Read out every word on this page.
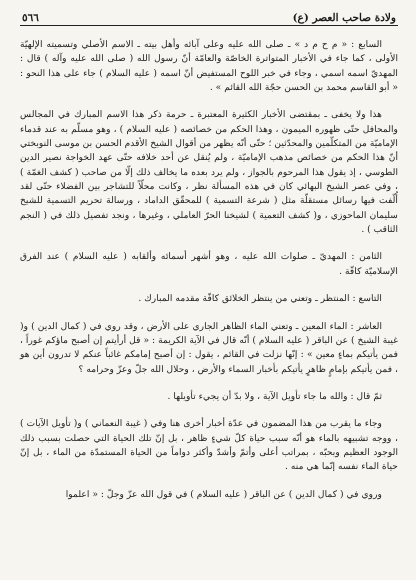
ولادة صاحب العصر (ع)
٥٦٦

السابع : « م ح م د » ـ صلى الله عليه وعلى آبائه وأهل بيته ـ الاسم الأصلي وتسميته الإلهيّة الأولى ، كما جاء في الأخبار المتواترة الخاصّة والعامّة أنّ رسول الله ( صلى الله عليه وآله ) قال : المهديّ اسمه اسمي ، وجاء في خبر اللوح المستفيض أنّ اسمه ( عليه السلام ) جاء على هذا النحو : « أبو القاسم محمد بن الحسن حجّة الله القائم » .

هذا ولا يخفى ـ بمقتضى الأخبار الكثيرة المعتبرة ـ حرمة ذكر هذا الاسم المبارك في المجالس والمحافل حتّى ظهوره الميمون ، وهذا الحكم من خصائصه ( عليه السلام ) ، وهو مسلّم به عند قدماء الإماميّة من المتكلّمين والمحدّثين ؛ حتّى أنّه يظهر من أقوال الشيخ الأقدم الحسن بن موسى النوبختي أنّ هذا الحكم من خصائص مذهب الإماميّة ، ولم يُنقل عن أحد خلافه حتّى عهد الخواجة نصير الدين الطوسي ، إذ يقول هذا المرحوم بالجواز ، ولم يرد بعده ما يخالف ذلك إلّا من صاحب ( كشف الغمّة ) ، وفي عصر الشيخ البهائي كان في هذه المسألة نظر ، وكانت محلّاً للتشاجر بين الفضلاء حتّى لقد أُلّفت فيها رسائل مستقلّة مثل ( شرعة التسمية ) للمحقّق الداماد ، ورسالة تحريم التسمية للشيخ سليمان الماحوزي ، و( كشف التعمية ) لشيخنا الحرّ العاملي ، وغيرها ، ونجد تفصيل ذلك في ( النجم الثاقب ) .

الثامن : المهديّ ـ صلوات الله عليه ، وهو أشهر أسمائه وألقابه ( عليه السلام ) عند الفرق الإسلاميّة كافّة .

التاسع : المنتظر ـ وتعني من ينتظر الخلائق كافّة مقدمه المبارك .

العاشر : الماء المعين ـ وتعني الماء الظاهر الجاري على الأرض ، وقد روي في ( كمال الدين ) و( غيبة الشيخ ) عن الباقر ( عليه السلام ) أنّه قال في الآية الكريمة : « قل أرأيتم إن أصبح ماؤكم غوراً ، فمن يأتيكم بماءٍ معين » : إنّها نزلت في القائم ، يقول : إن أصبح إمامكم غائباً عنكم لا تدرون أين هو ، فمن يأتيكم بإمامٍ ظاهرٍ يأتيكم بأخبار السماء والأرض ، وحلال الله جلّ وعزّ وحرامه ؟

ثمّ قال : والله ما جاء تأويل الآية ، ولا بدّ أن يجيء تأويلها .

وجاء ما يقرب من هذا المضمون في عدّة أخبار أخرى هنا وفي ( غيبة النعماني ) و( تأويل الآيات ) ، ووجه تشبيهه بالماء هو أنّه سبب حياة كلّ شيءٍ ظاهر ، بل إنّ تلك الحياة التي حصلت بسبب ذلك الوجود العظيم وبحبّه ، بمراتب أعلى وأتمّ وأشدّ وأكثر دواماً من الحياة المستمدّة من الماء ، بل إنّ حياة الماء نفسه إنّما هي منه .

وروي في ( كمال الدين ) عن الباقر ( عليه السلام ) في قول الله عزّ وجلّ : « اعلموا
